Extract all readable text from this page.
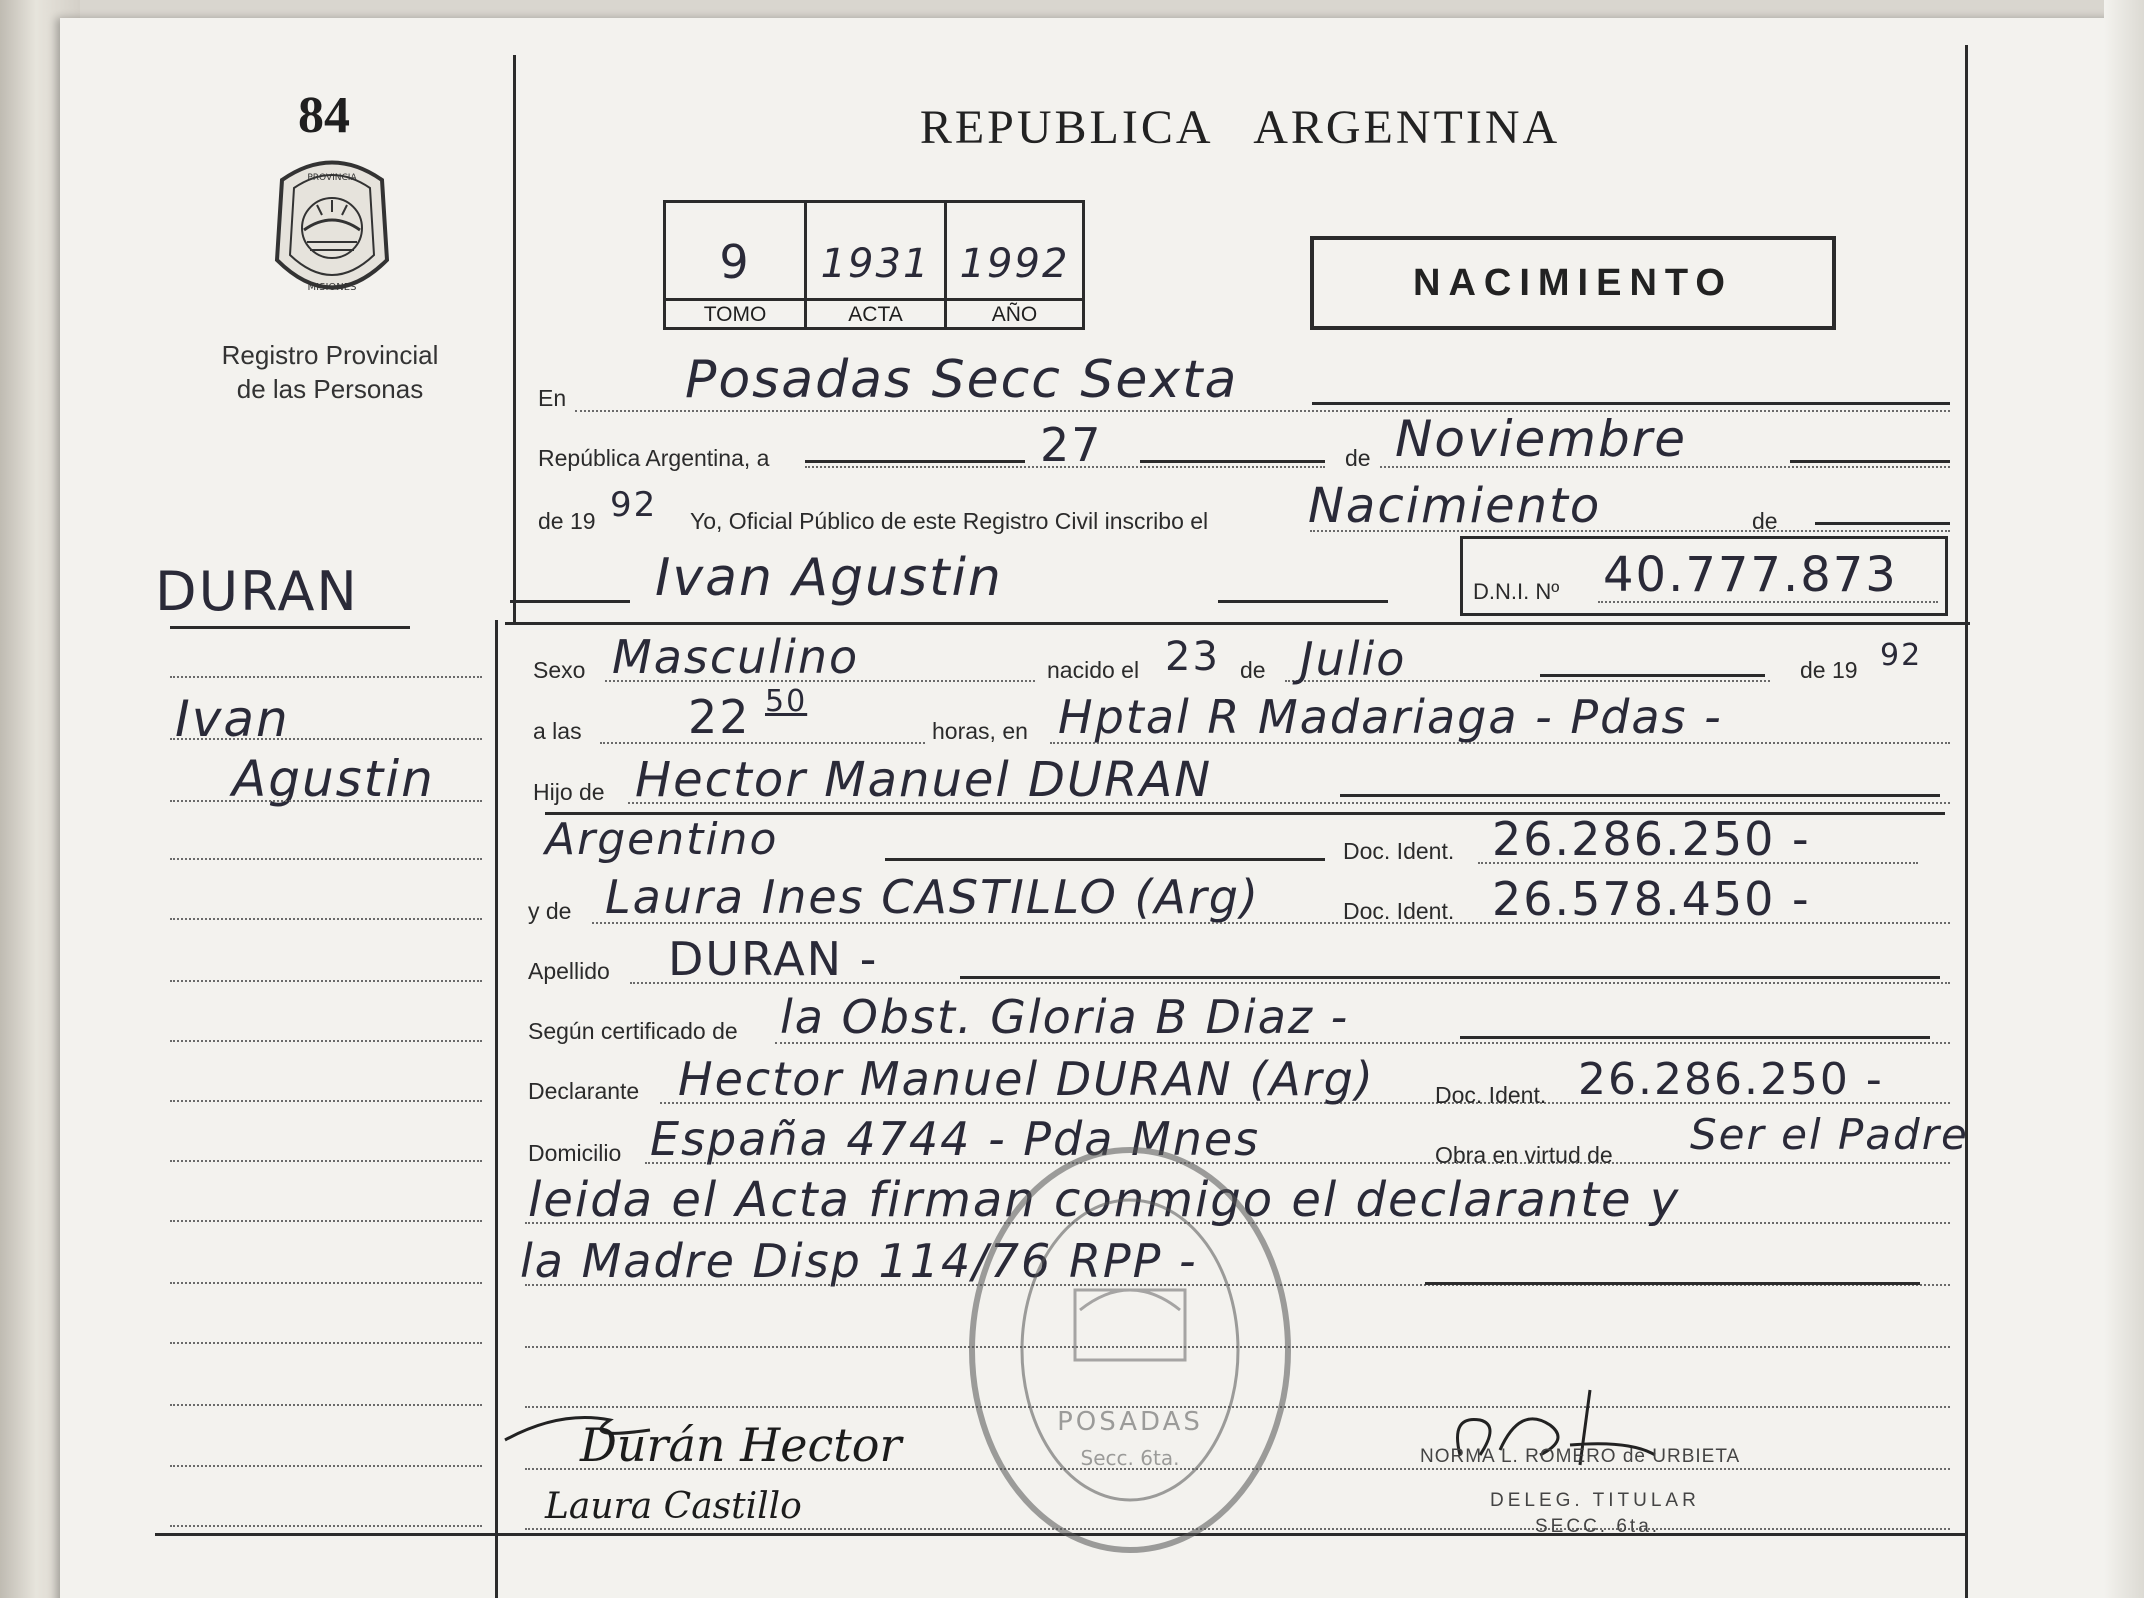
84
PROVINCIA
MISIONES
Registro Provincial
de las Personas
REPUBLICA   ARGENTINA
9	1931 1992
TOMO	ACTA	AÑO
NACIMIENTO
DURAN
Ivan
Agustin
En Posadas Secc Sexta
República Argentina, a	27	de Noviembre
de 19 92 Yo, Oficial Público de este Registro Civil inscribo el Nacimiento	de
Ivan Agustin	D.N.I. Nº 40.777.873
Sexo Masculino	nacido el 23 de Julio	de 19 92
a las 22 50
horas, en Hptal R Madariaga - Pdas -
Hijo de Hector Manuel DURAN
Argentino	Doc. Ident. 26.286.250 -
y de Laura Ines CASTILLO (Arg)	Doc. Ident. 26.578.450 -
Apellido DURAN -
Según certificado de la Obst. Gloria B Diaz -
Declarante Hector Manuel DURAN (Arg)	Doc. Ident. 26.286.250 -
Domicilio España 4744 - Pda Mnes	Obra en virtud de Ser el Padre
leida el Acta firman conmigo el declarante y
la Madre Disp 114/76 RPP -
POSADAS
Secc. 6ta.
Durán Hector
Laura Castillo
NORMA L. ROMERO de URBIETA
DELEG. TITULAR
SECC. 6ta.
